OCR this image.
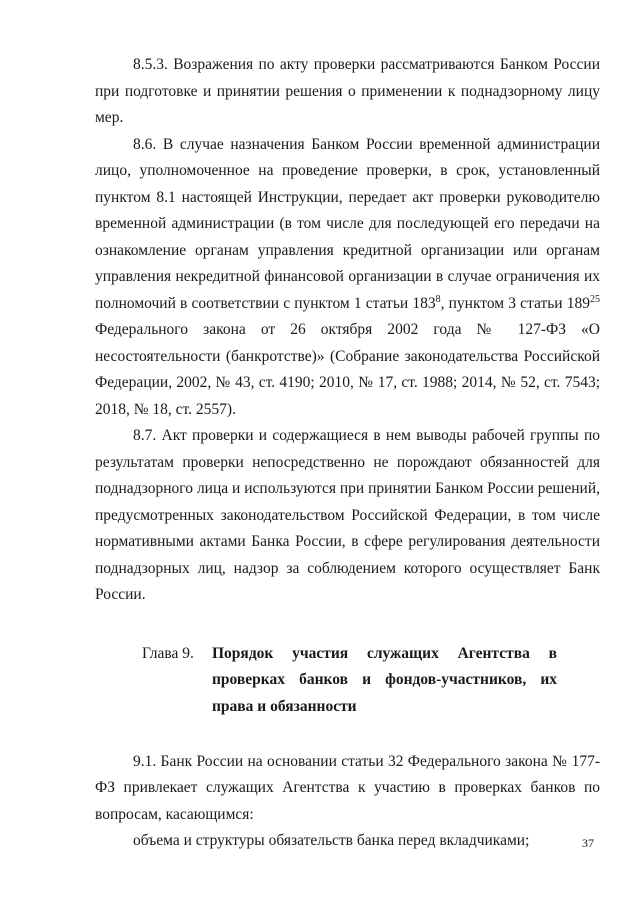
8.5.3. Возражения по акту проверки рассматриваются Банком России при подготовке и принятии решения о применении к поднадзорному лицу мер.

8.6. В случае назначения Банком России временной администрации лицо, уполномоченное на проведение проверки, в срок, установленный пунктом 8.1 настоящей Инструкции, передает акт проверки руководителю временной администрации (в том числе для последующей его передачи на ознакомление органам управления кредитной организации или органам управления некредитной финансовой организации в случае ограничения их полномочий в соответствии с пунктом 1 статьи $183^8$, пунктом 3 статьи $189^{25}$ Федерального закона от 26 октября 2002 года № 127-ФЗ «О несостоятельности (банкротстве)» (Собрание законодательства Российской Федерации, 2002, № 43, ст. 4190; 2010, № 17, ст. 1988; 2014, № 52, ст. 7543; 2018, № 18, ст. 2557).

8.7. Акт проверки и содержащиеся в нем выводы рабочей группы по результатам проверки непосредственно не порождают обязанностей для поднадзорного лица и используются при принятии Банком России решений, предусмотренных законодательством Российской Федерации, в том числе нормативными актами Банка России, в сфере регулирования деятельности поднадзорных лиц, надзор за соблюдением которого осуществляет Банк России.

Глава 9. Порядок участия служащих Агентства в проверках банков и фондов-участников, их права и обязанности

9.1. Банк России на основании статьи 32 Федерального закона № 177-ФЗ привлекает служащих Агентства к участию в проверках банков по вопросам, касающимся:

объема и структуры обязательств банка перед вкладчиками;	37
